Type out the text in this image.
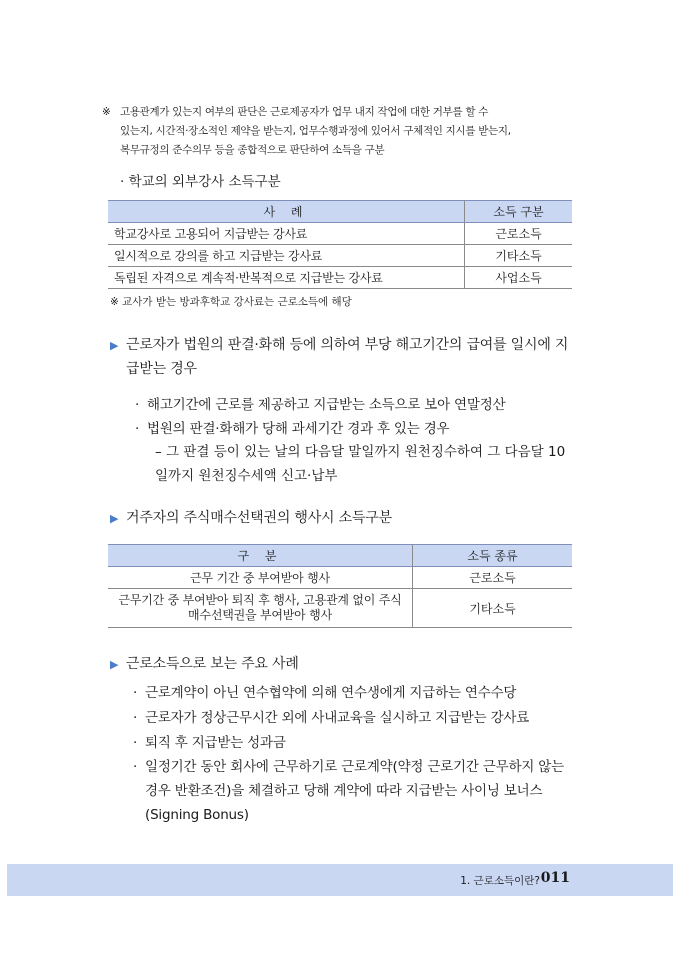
※ 고용관계가 있는지 여부의 판단은 근로제공자가 업무 내지 작업에 대한 거부를 할 수

있는지, 시간적·장소적인 제약을 받는지, 업무수행과정에 있어서 구체적인 지시를 받는지,

복무규정의 준수의무 등을 종합적으로 판단하여 소득을 구분

· 학교의 외부강사 소득구분
사 례	소득 구분
학교강사로 고용되어 지급받는 강사료	근로소득
일시적으로 강의를 하고 지급받는 강사료	기타소득
독립된 자격으로 계속적·반복적으로 지급받는 강사료	사업소득
※ 교사가 받는 방과후학교 강사료는 근로소득에 해당
▶ 근로자가 법원의 판결·화해 등에 의하여 부당 해고기간의 급여를 일시에 지급받는 경우
· 해고기간에 근로를 제공하고 지급받는 소득으로 보아 연말정산
· 법원의 판결·화해가 당해 과세기간 경과 후 있는 경우
– 그 판결 등이 있는 날의 다음달 말일까지 원천징수하여 그 다음달 10일까지 원천징수세액 신고·납부
▶ 거주자의 주식매수선택권의 행사시 소득구분
구 분	소득 종류
근무 기간 중 부여받아 행사	근로소득
근무기간 중 부여받아 퇴직 후 행사, 고용관계 없이 주식매수선택권을 부여받아 행사	기타소득
▶ 근로소득으로 보는 주요 사례
· 근로계약이 아닌 연수협약에 의해 연수생에게 지급하는 연수수당
· 근로자가 정상근무시간 외에 사내교육을 실시하고 지급받는 강사료
· 퇴직 후 지급받는 성과금
· 일정기간 동안 회사에 근무하기로 근로계약(약정 근로기간 근무하지 않는 경우 반환조건)을 체결하고 당해 계약에 따라 지급받는 사이닝 보너스(Signing Bonus)
1. 근로소득이란? 011
